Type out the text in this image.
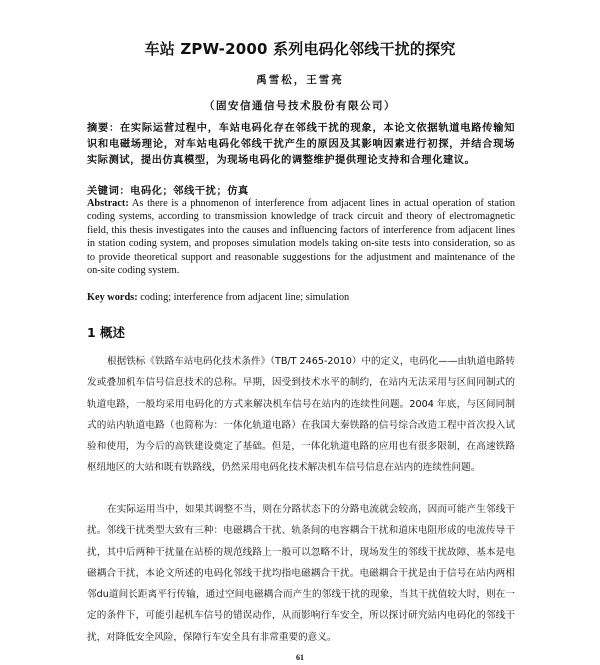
车站 ZPW-2000 系列电码化邻线干扰的探究
禹雪松，王雪亮
（固安信通信号技术股份有限公司）
摘要：在实际运营过程中，车站电码化存在邻线干扰的现象，本论文依据轨道电路传输知识和电磁场理论，对车站电码化邻线干扰产生的原因及其影响因素进行初探，并结合现场实际测试，提出仿真模型，为现场电码化的调整维护提供理论支持和合理化建议。
关键词：电码化；邻线干扰；仿真
Abstract: As there is a phnomenon of interference from adjacent lines in actual operation of station coding systems, according to transmission knowledge of track circuit and theory of electromagnetic field, this thesis investigates into the causes and influencing factors of interference from adjacent lines in station coding system, and proposes simulation models taking on-site tests into consideration, so as to provide theoretical support and reasonable suggestions for the adjustment and maintenance of the on-site coding system.
Key words: coding; interference from adjacent line; simulation
1 概述

根据铁标《铁路车站电码化技术条件》（TB/T 2465-2010）中的定义，电码化——由轨道电路转发或叠加机车信号信息技术的总称。早期，因受到技术水平的制约，在站内无法采用与区间同制式的轨道电路，一般均采用电码化的方式来解决机车信号在站内的连续性问题。2004 年底，与区间同制式的站内轨道电路（也简称为：一体化轨道电路）在我国大秦铁路的信号综合改造工程中首次投入试验和使用，为今后的高铁建设奠定了基础。但是，一体化轨道电路的应用也有很多限制，在高速铁路枢纽地区的大站和既有铁路线，仍然采用电码化技术解决机车信号信息在站内的连续性问题。

在实际运用当中，如果其调整不当，则在分路状态下的分路电流就会较高，因而可能产生邻线干扰。邻线干扰类型大致有三种：电磁耦合干扰、轨条间的电容耦合干扰和道床电阻形成的电流传导干扰，其中后两种干扰量在站桥的规范线路上一般可以忽略不计，现场发生的邻线干扰故障，基本是电磁耦合干扰，本论文所述的电码化邻线干扰均指电磁耦合干扰。电磁耦合干扰是由于信号在站内两相邻du道间长距离平行传输，通过空间电磁耦合而产生的邻线干扰的现象，当其干扰值较大时，则在一定的条件下，可能引起机车信号的错误动作，从而影响行车安全，所以探讨研究站内电码化的邻线干扰，对降低安全风险，保障行车安全具有非常重要的意义。

61
